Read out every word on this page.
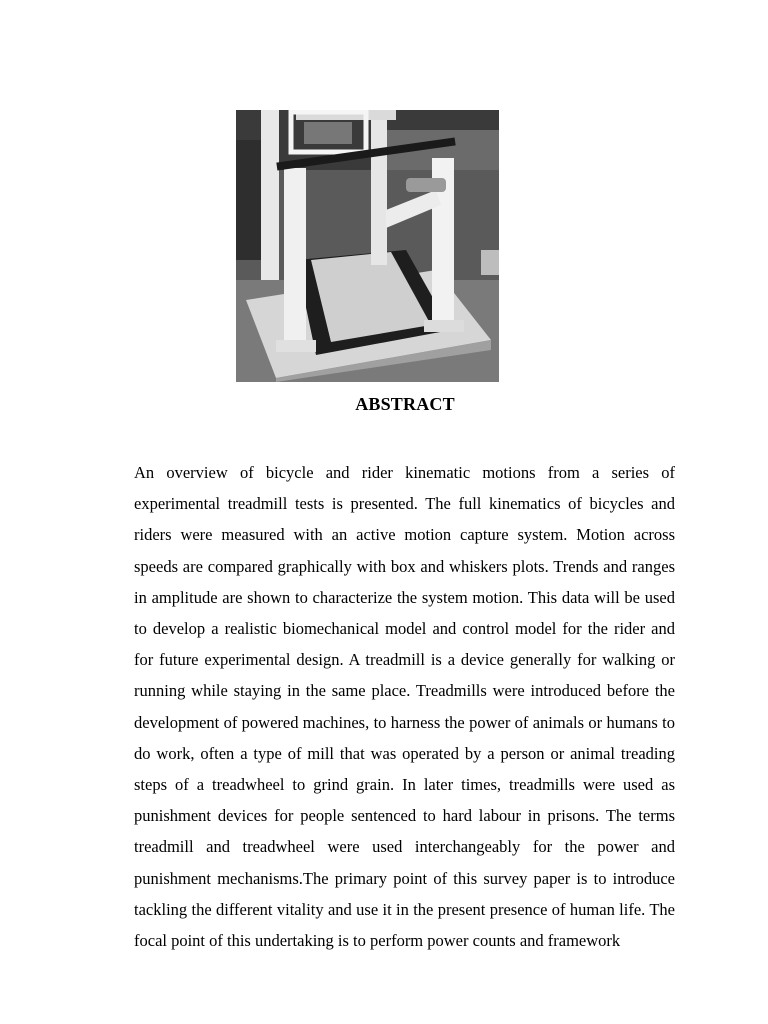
ABSTRACT

An overview of bicycle and rider kinematic motions from a series of experimental treadmill tests is presented. The full kinematics of bicycles and riders were measured with an active motion capture system. Motion across speeds are compared graphically with box and whiskers plots. Trends and ranges in amplitude are shown to characterize the system motion. This data will be used to develop a realistic biomechanical model and control model for the rider and for future experimental design. A treadmill is a device generally for walking or running while staying in the same place. Treadmills were introduced before the development of powered machines, to harness the power of animals or humans to do work, often a type of mill that was operated by a person or animal treading steps of a treadwheel to grind grain. In later times, treadmills were used as punishment devices for people sentenced to hard labour in prisons. The terms treadmill and treadwheel were used interchangeably for the power and punishment mechanisms.The primary point of this survey paper is to introduce tackling the different vitality and use it in the present presence of human life. The focal point of this undertaking is to perform power counts and framework
